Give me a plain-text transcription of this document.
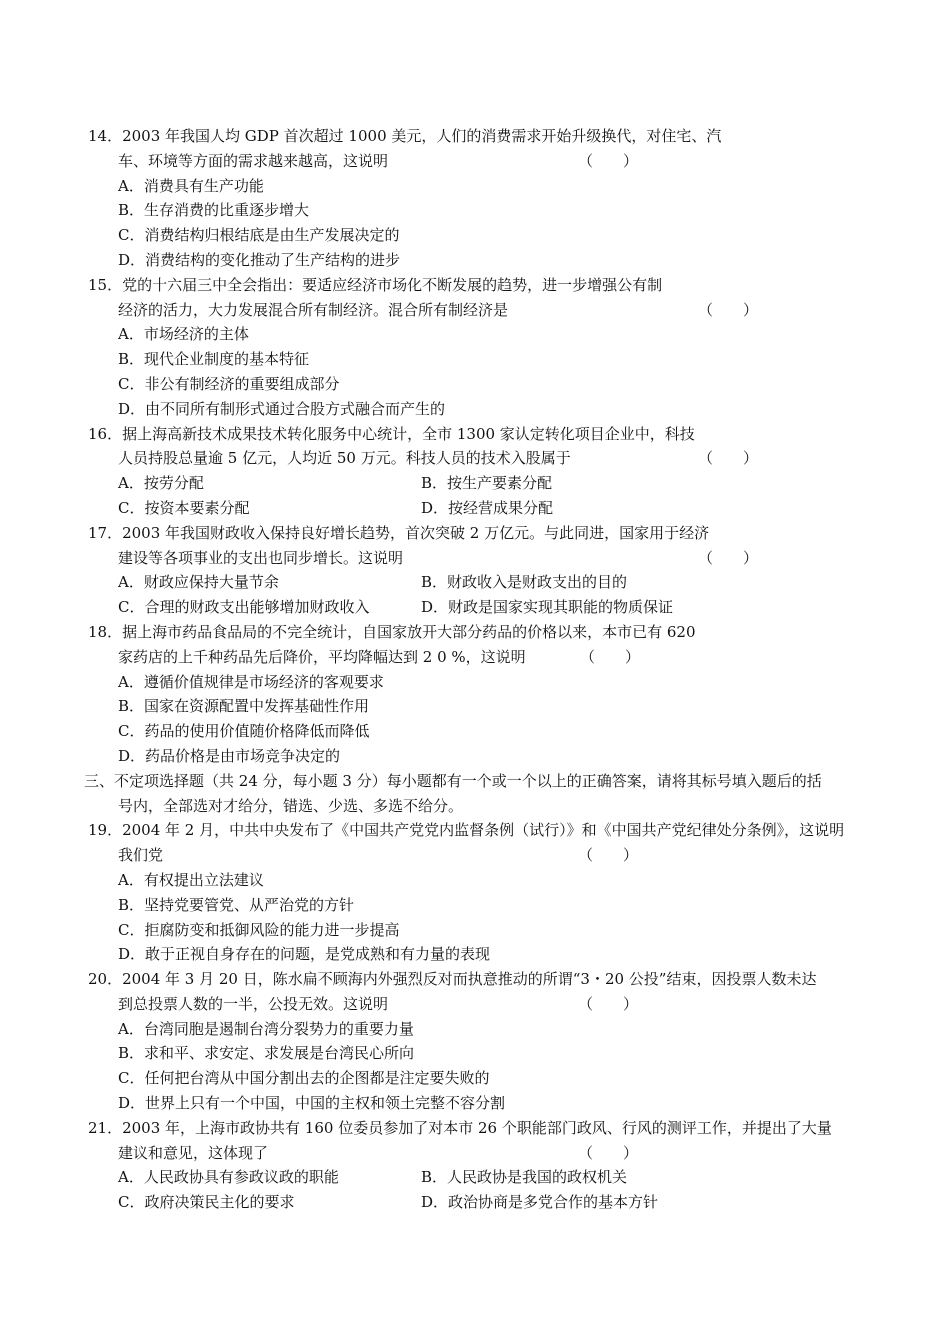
14．2003 年我国人均 GDP 首次超过 1000 美元，人们的消费需求开始升级换代，对住宅、汽
车、环境等方面的需求越来越高，这说明	（　　）
A．消费具有生产功能
B．生存消费的比重逐步增大
C．消费结构归根结底是由生产发展决定的
D．消费结构的变化推动了生产结构的进步
15．党的十六届三中全会指出：要适应经济市场化不断发展的趋势，进一步增强公有制
经济的活力，大力发展混合所有制经济。混合所有制经济是	（　　）
A．市场经济的主体
B．现代企业制度的基本特征
C．非公有制经济的重要组成部分
D．由不同所有制形式通过合股方式融合而产生的
16．据上海高新技术成果技术转化服务中心统计，全市 1300 家认定转化项目企业中，科技
人员持股总量逾 5 亿元，人均近 50 万元。科技人员的技术入股属于	（　　）
A．按劳分配	B．按生产要素分配
C．按资本要素分配	D．按经营成果分配
17．2003 年我国财政收入保持良好增长趋势，首次突破 2 万亿元。与此同进，国家用于经济
建设等各项事业的支出也同步增长。这说明	（　　）
A．财政应保持大量节余	B．财政收入是财政支出的目的
C．合理的财政支出能够增加财政收入	D．财政是国家实现其职能的物质保证
18．据上海市药品食品局的不完全统计，自国家放开大部分药品的价格以来，本市已有 620
家药店的上千种药品先后降价，平均降幅达到 2 0 %，这说明	（　　）
A．遵循价值规律是市场经济的客观要求
B．国家在资源配置中发挥基础性作用
C．药品的使用价值随价格降低而降低
D．药品价格是由市场竞争决定的
三、不定项选择题（共 24 分，每小题 3 分）每小题都有一个或一个以上的正确答案，请将其标号填入题后的括
号内，全部选对才给分，错选、少选、多选不给分。
19．2004 年 2 月，中共中央发布了《中国共产党党内监督条例（试行）》和《中国共产党纪律处分条例》，这说明
我们党	（　　）
A．有权提出立法建议
B．坚持党要管党、从严治党的方针
C．拒腐防变和抵御风险的能力进一步提高
D．敢于正视自身存在的问题，是党成熟和有力量的表现
20．2004 年 3 月 20 日，陈水扁不顾海内外强烈反对而执意推动的所谓“3・20 公投”结束，因投票人数未达
到总投票人数的一半，公投无效。这说明	（　　）
A．台湾同胞是遏制台湾分裂势力的重要力量
B．求和平、求安定、求发展是台湾民心所向
C．任何把台湾从中国分割出去的企图都是注定要失败的
D．世界上只有一个中国，中国的主权和领土完整不容分割
21．2003 年，上海市政协共有 160 位委员参加了对本市 26 个职能部门政风、行风的测评工作，并提出了大量
建议和意见，这体现了	（　　）
A．人民政协具有参政议政的职能	B．人民政协是我国的政权机关
C．政府决策民主化的要求	D．政治协商是多党合作的基本方针
